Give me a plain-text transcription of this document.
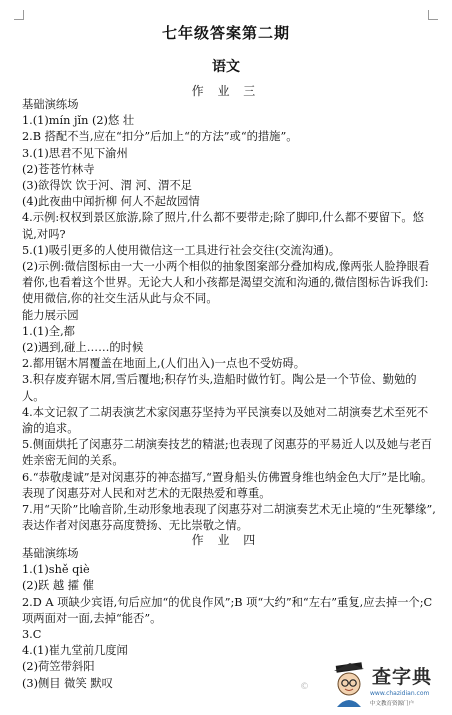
七年级答案第二期
语文
作 业 三
基础演练场
1.(1)mín jǐn (2)悠 壮
2.B 搭配不当,应在“扣分”后加上“的方法”或“的措施”。
3.(1)思君不见下渝州
(2)苍苍竹林寺
(3)欲得饮 饮于河、渭 河、渭不足
(4)此夜曲中闻折柳 何人不起故园情
4.示例:权权到景区旅游,除了照片,什么都不要带走;除了脚印,什么都不要留下。悠说,对吗?
5.(1)吸引更多的人使用微信这一工具进行社会交往(交流沟通)。
(2)示例:微信图标由一大一小两个相似的抽象图案部分叠加构成,像两张人脸挣眼看着你,也看着这个世界。无论大人和小孩都是渴望交流和沟通的,微信图标告诉我们:使用微信,你的社交生活从此与众不同。
能力展示园
1.(1)全,都
(2)遇到,碰上……的时候
2.都用锯木屑覆盖在地面上,(人们出入)一点也不受妨碍。
3.积存废弃锯木屑,雪后覆地;积存竹头,造船时做竹钉。陶公是一个节俭、勤勉的人。
4.本文记叙了二胡表演艺术家闵惠芬坚持为平民演奏以及她对二胡演奏艺术至死不渝的追求。
5.侧面烘托了闵惠芬二胡演奏技艺的精湛;也表现了闵惠芬的平易近人以及她与老百姓亲密无间的关系。
6.“恭敬虔诚”是对闵惠芬的神态描写,“置身船头仿佛置身维也纳金色大厅”是比喻。表现了闵惠芬对人民和对艺术的无限热爱和尊重。
7.用“天阶”比喻音阶,生动形象地表现了闵惠芬对二胡演奏艺术无止境的“生死攀缘”,表达作者对闵惠芬高度赞扬、无比崇敬之情。
作 业 四
基础演练场
1.(1)shě qiè
(2)跃 越 攉 催
2.D A 项缺少宾语,句后应加“的优良作风”;B 项“大约”和“左右”重复,应去掉一个;C 项两面对一面,去掉“能否”。
3.C
4.(1)崔九堂前几度闻
(2)荷笠带斜阳
(3)侧目 微笑 默叹	©	查字典
www.chazidian.com
中文教育资源门户
